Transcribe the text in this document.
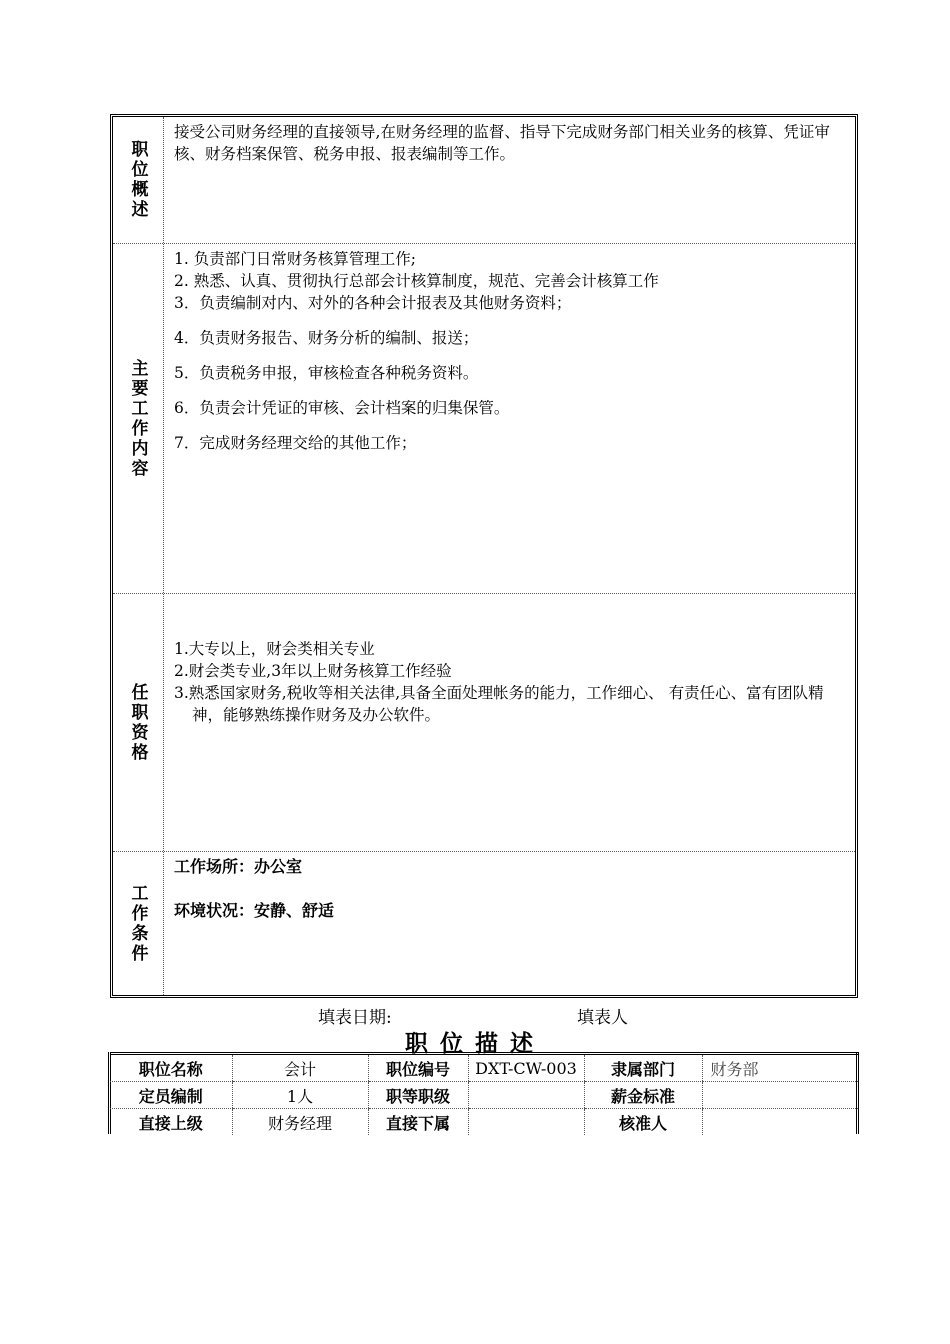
职位概述
接受公司财务经理的直接领导,在财务经理的监督、指导下完成财务部门相关业务的核算、凭证审核、财务档案保管、税务申报、报表编制等工作。
主要工作内容
1. 负责部门日常财务核算管理工作;
2. 熟悉、认真、贯彻执行总部会计核算制度，规范、完善会计核算工作
3．负责编制对内、对外的各种会计报表及其他财务资料；
4．负责财务报告、财务分析的编制、报送；
5．负责税务申报，审核检查各种税务资料。
6．负责会计凭证的审核、会计档案的归集保管。
7．完成财务经理交给的其他工作；
任职资格
1.大专以上，财会类相关专业
2.财会类专业,3年以上财务核算工作经验
3.熟悉国家财务,税收等相关法律,具备全面处理帐务的能力，工作细心、 有责任心、富有团队精神，能够熟练操作财务及办公软件。
工作条件

工作场所：办公室

环境状况：安静、舒适

填表日期:	填表人
职位描述
职位名称	会计	职位编号	DXT-CW-003	隶属部门	财务部
定员编制	1人	职等职级		薪金标准	
直接上级	财务经理	直接下属		核准人	
